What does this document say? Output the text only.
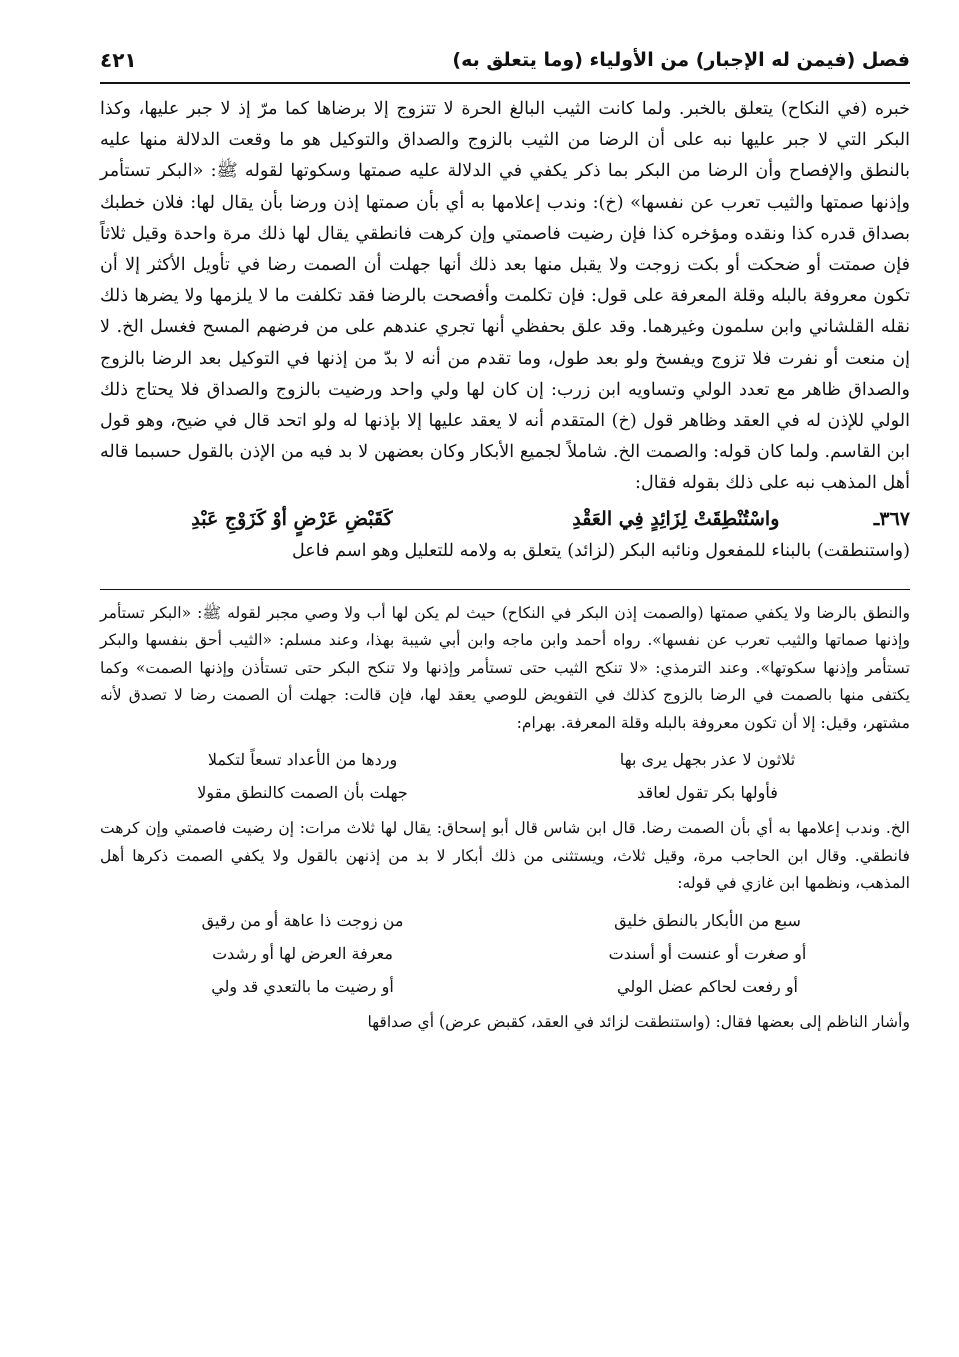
فصل (فيمن له الإجبار) من الأولياء (وما يتعلق به)
٤٢١

خبره (في النكاح) يتعلق بالخبر. ولما كانت الثيب البالغ الحرة لا تتزوج إلا برضاها كما مرّ إذ لا جبر عليها، وكذا البكر التي لا جبر عليها نبه على أن الرضا من الثيب بالزوج والصداق والتوكيل هو ما وقعت الدلالة منها عليه بالنطق والإفصاح وأن الرضا من البكر بما ذكر يكفي في الدلالة عليه صمتها وسكوتها لقوله ﷺ: «البكر تستأمر وإذنها صمتها والثيب تعرب عن نفسها» (خ): وندب إعلامها به أي بأن صمتها إذن ورضا بأن يقال لها: فلان خطبك بصداق قدره كذا ونقده ومؤخره كذا فإن رضيت فاصمتي وإن كرهت فانطقي يقال لها ذلك مرة واحدة وقيل ثلاثاً فإن صمتت أو ضحكت أو بكت زوجت ولا يقبل منها بعد ذلك أنها جهلت أن الصمت رضا في تأويل الأكثر إلا أن تكون معروفة بالبله وقلة المعرفة على قول: فإن تكلمت وأفصحت بالرضا فقد تكلفت ما لا يلزمها ولا يضرها ذلك نقله القلشاني وابن سلمون وغيرهما. وقد علق بحفظي أنها تجري عندهم على من فرضهم المسح فغسل الخ. لا إن منعت أو نفرت فلا تزوج ويفسخ ولو بعد طول، وما تقدم من أنه لا بدّ من إذنها في التوكيل بعد الرضا بالزوج والصداق ظاهر مع تعدد الولي وتساويه ابن زرب: إن كان لها ولي واحد ورضيت بالزوج والصداق فلا يحتاج ذلك الولي للإذن له في العقد وظاهر قول (خ) المتقدم أنه لا يعقد عليها إلا بإذنها له ولو اتحد قال في ضيح، وهو قول ابن القاسم. ولما كان قوله: والصمت الخ. شاملاً لجميع الأبكار وكان بعضهن لا بد فيه من الإذن بالقول حسبما قاله أهل المذهب نبه على ذلك بقوله فقال:

٣٦٧ـ
واسْتُنْطِقَتْ لِزَائِدٍ فِي العَقْدِ
كَقَبْضِ عَرْضٍ أوْ كَزَوْجِ عَبْدِ
(واستنطقت) بالبناء للمفعول ونائبه البكر (لزائد) يتعلق به ولامه للتعليل وهو اسم فاعل

والنطق بالرضا ولا يكفي صمتها (والصمت إذن البكر في النكاح) حيث لم يكن لها أب ولا وصي مجبر لقوله ﷺ: «البكر تستأمر وإذنها صماتها والثيب تعرب عن نفسها». رواه أحمد وابن ماجه وابن أبي شيبة بهذا، وعند مسلم: «الثيب أحق بنفسها والبكر تستأمر وإذنها سكوتها». وعند الترمذي: «لا تنكح الثيب حتى تستأمر وإذنها ولا تنكح البكر حتى تستأذن وإذنها الصمت» وكما يكتفى منها بالصمت في الرضا بالزوج كذلك في التفويض للوصي يعقد لها، فإن قالت: جهلت أن الصمت رضا لا تصدق لأنه مشتهر، وقيل: إلا أن تكون معروفة بالبله وقلة المعرفة. بهرام:

ثلاثون لا عذر بجهل يرى بها
وردها من الأعداد تسعاً لتكملا
فأولها بكر تقول لعاقد
جهلت بأن الصمت كالنطق مقولا

الخ. وندب إعلامها به أي بأن الصمت رضا. قال ابن شاس قال أبو إسحاق: يقال لها ثلاث مرات: إن رضيت فاصمتي وإن كرهت فانطقي. وقال ابن الحاجب مرة، وقيل ثلاث، ويستثنى من ذلك أبكار لا بد من إذنهن بالقول ولا يكفي الصمت ذكرها أهل المذهب، ونظمها ابن غازي في قوله:

سبع من الأبكار بالنطق خليق
من زوجت ذا عاهة أو من رقيق
أو صغرت أو عنست أو أسندت
معرفة العرض لها أو رشدت
أو رفعت لحاكم عضل الولي
أو رضيت ما بالتعدي قد ولي

وأشار الناظم إلى بعضها فقال: (واستنطقت لزائد في العقد، كقبض عرض) أي صداقها
